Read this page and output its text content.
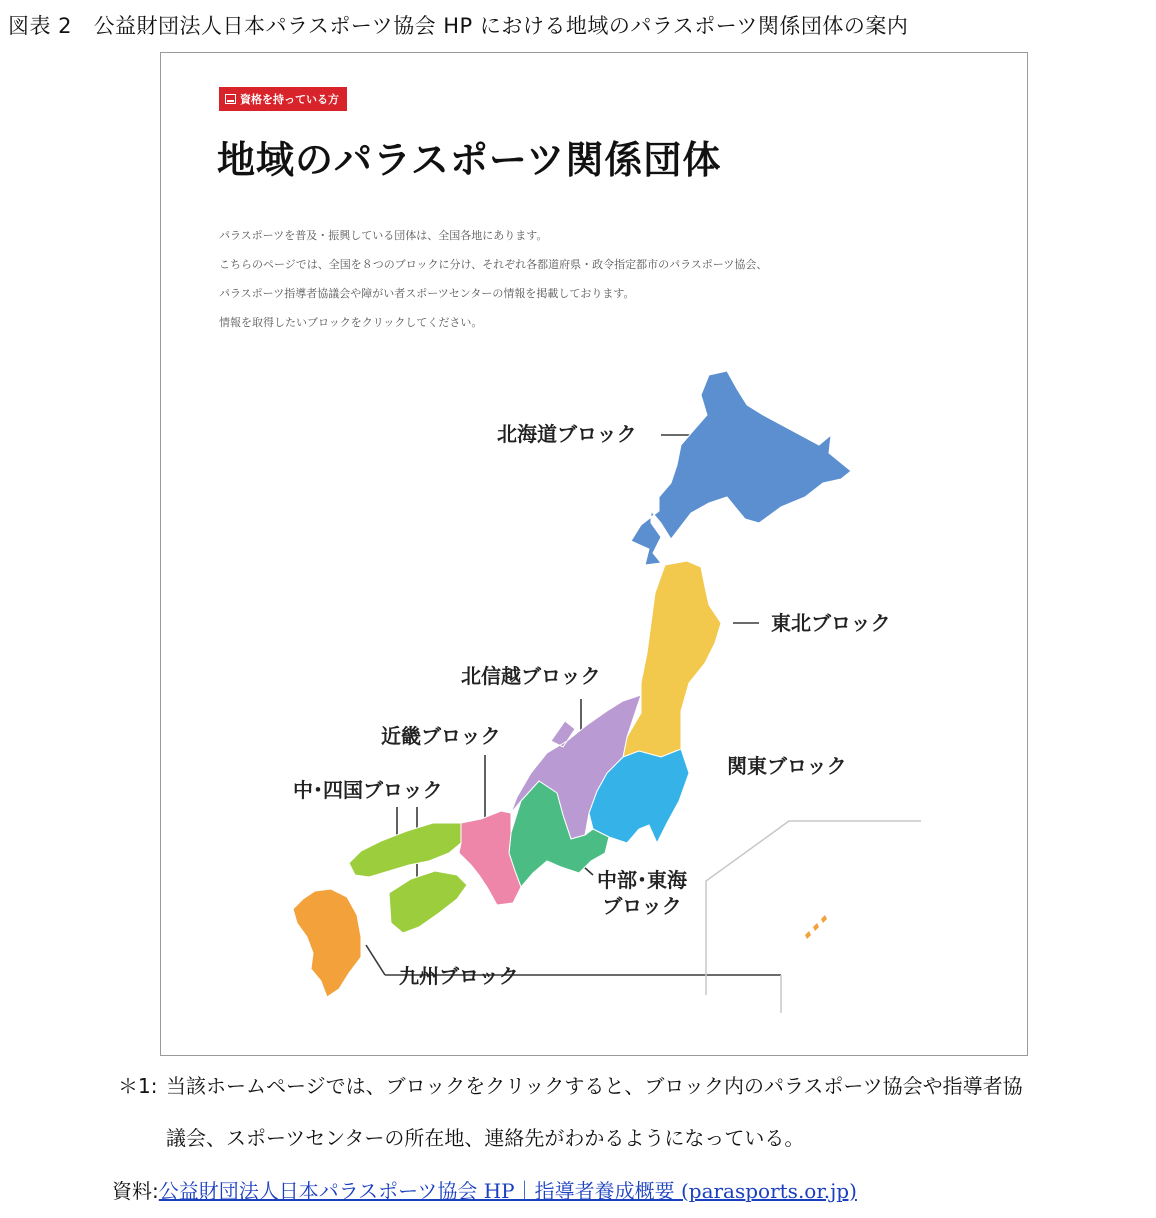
図表 2　公益財団法人日本パラスポーツ協会 HP における地域のパラスポーツ関係団体の案内
資格を持っている方
地域のパラスポーツ関係団体
パラスポーツを普及・振興している団体は、全国各地にあります。
こちらのページでは、全国を８つのブロックに分け、それぞれ各都道府県・政令指定都市のパラスポーツ協会、
パラスポーツ指導者協議会や障がい者スポーツセンターの情報を掲載しております。
情報を取得したいブロックをクリックしてください。
北海道ブロック
東北ブロック
北信越ブロック
関東ブロック
近畿ブロック
中･四国ブロック
中部･東海
ブロック
九州ブロック
＊1: 当該ホームページでは、ブロックをクリックすると、ブロック内のパラスポーツ協会や指導者協
議会、スポーツセンターの所在地、連絡先がわかるようになっている。
資料:公益財団法人日本パラスポーツ協会 HP｜指導者養成概要 (parasports.or.jp)
